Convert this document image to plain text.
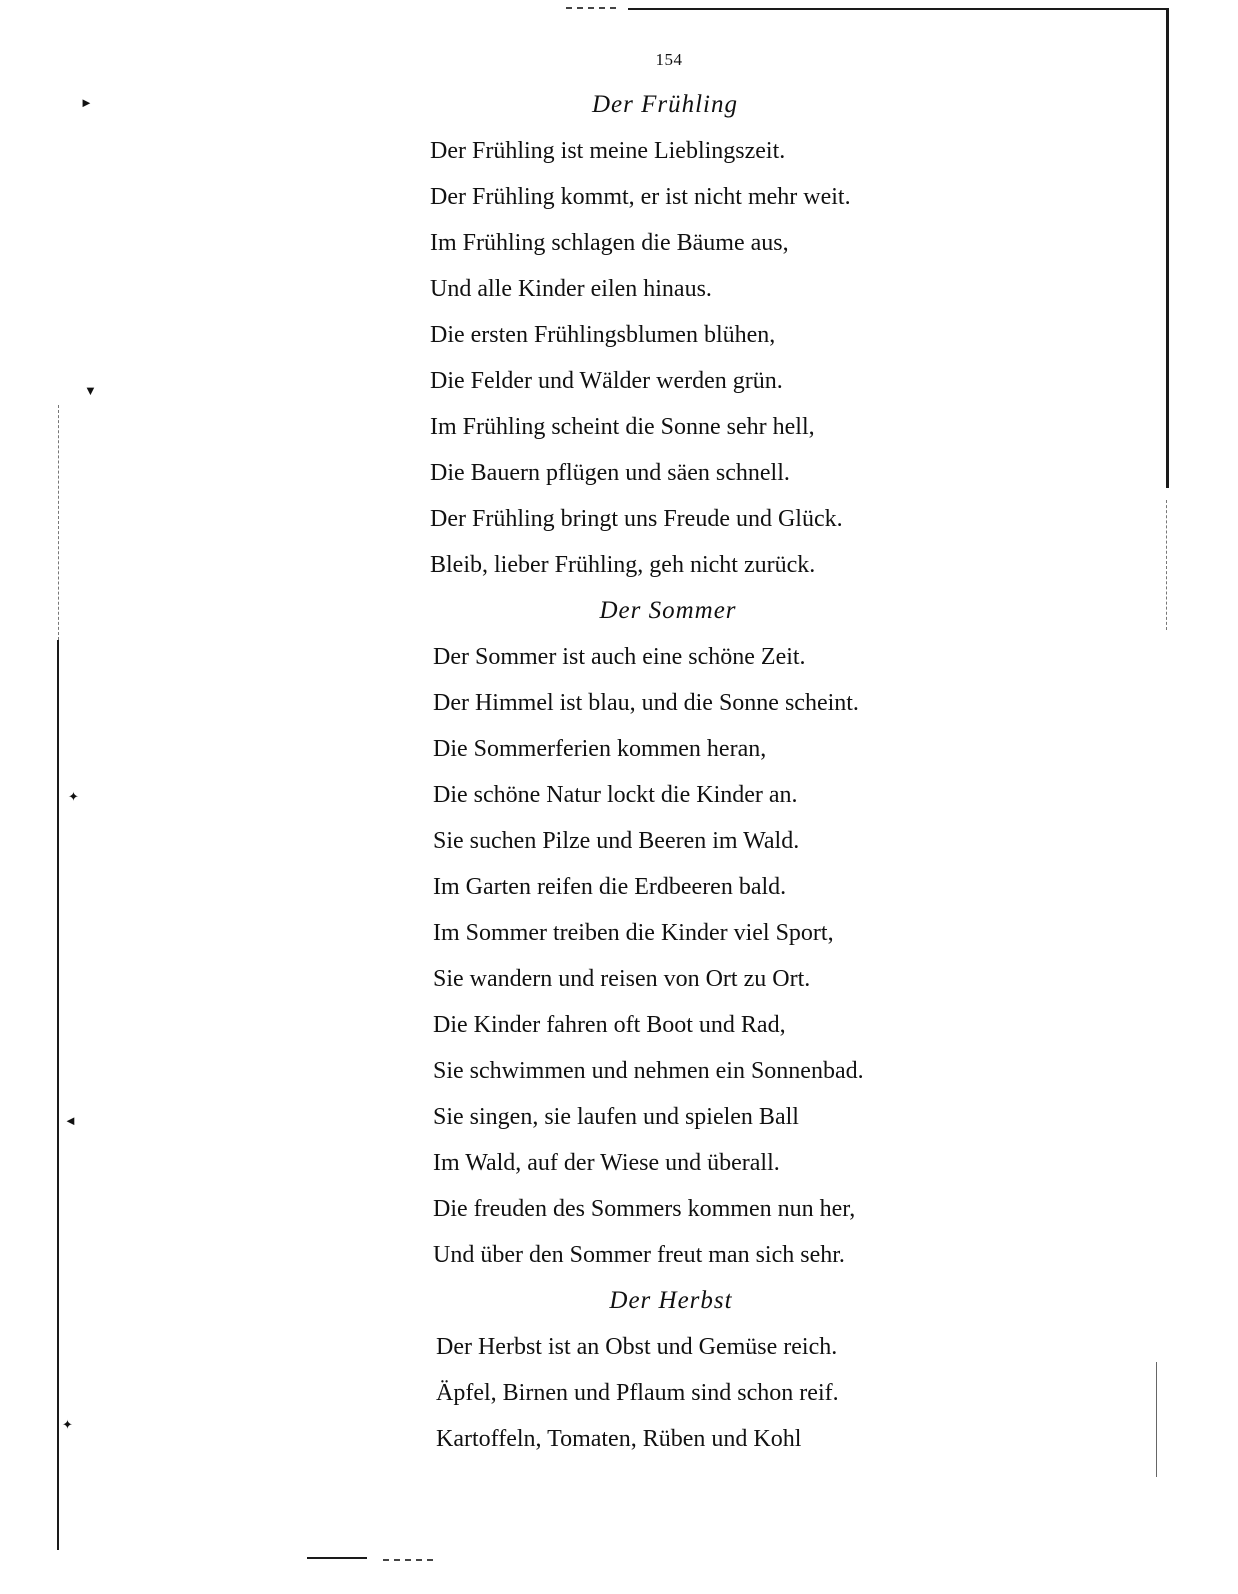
►
▼
✦
◄
✦
154
Der Frühling
Der Frühling ist meine Lieblingszeit.
Der Frühling kommt, er ist nicht mehr weit.
Im Frühling schlagen die Bäume aus,
Und alle Kinder eilen hinaus.
Die ersten Frühlingsblumen blühen,
Die Felder und Wälder werden grün.
Im Frühling scheint die Sonne sehr hell,
Die Bauern pflügen und säen schnell.
Der Frühling bringt uns Freude und Glück.
Bleib, lieber Frühling, geh nicht zurück.
Der Sommer
Der Sommer ist auch eine schöne Zeit.
Der Himmel ist blau, und die Sonne scheint.
Die Sommerferien kommen heran,
Die schöne Natur lockt die Kinder an.
Sie suchen Pilze und Beeren im Wald.
Im Garten reifen die Erdbeeren bald.
Im Sommer treiben die Kinder viel Sport,
Sie wandern und reisen von Ort zu Ort.
Die Kinder fahren oft Boot und Rad,
Sie schwimmen und nehmen ein Sonnenbad.
Sie singen, sie laufen und spielen Ball
Im Wald, auf der Wiese und überall.
Die freuden des Sommers kommen nun her,
Und über den Sommer freut man sich sehr.
Der Herbst
Der Herbst ist an Obst und Gemüse reich.
Äpfel, Birnen und Pflaum sind schon reif.
Kartoffeln, Tomaten, Rüben und Kohl
